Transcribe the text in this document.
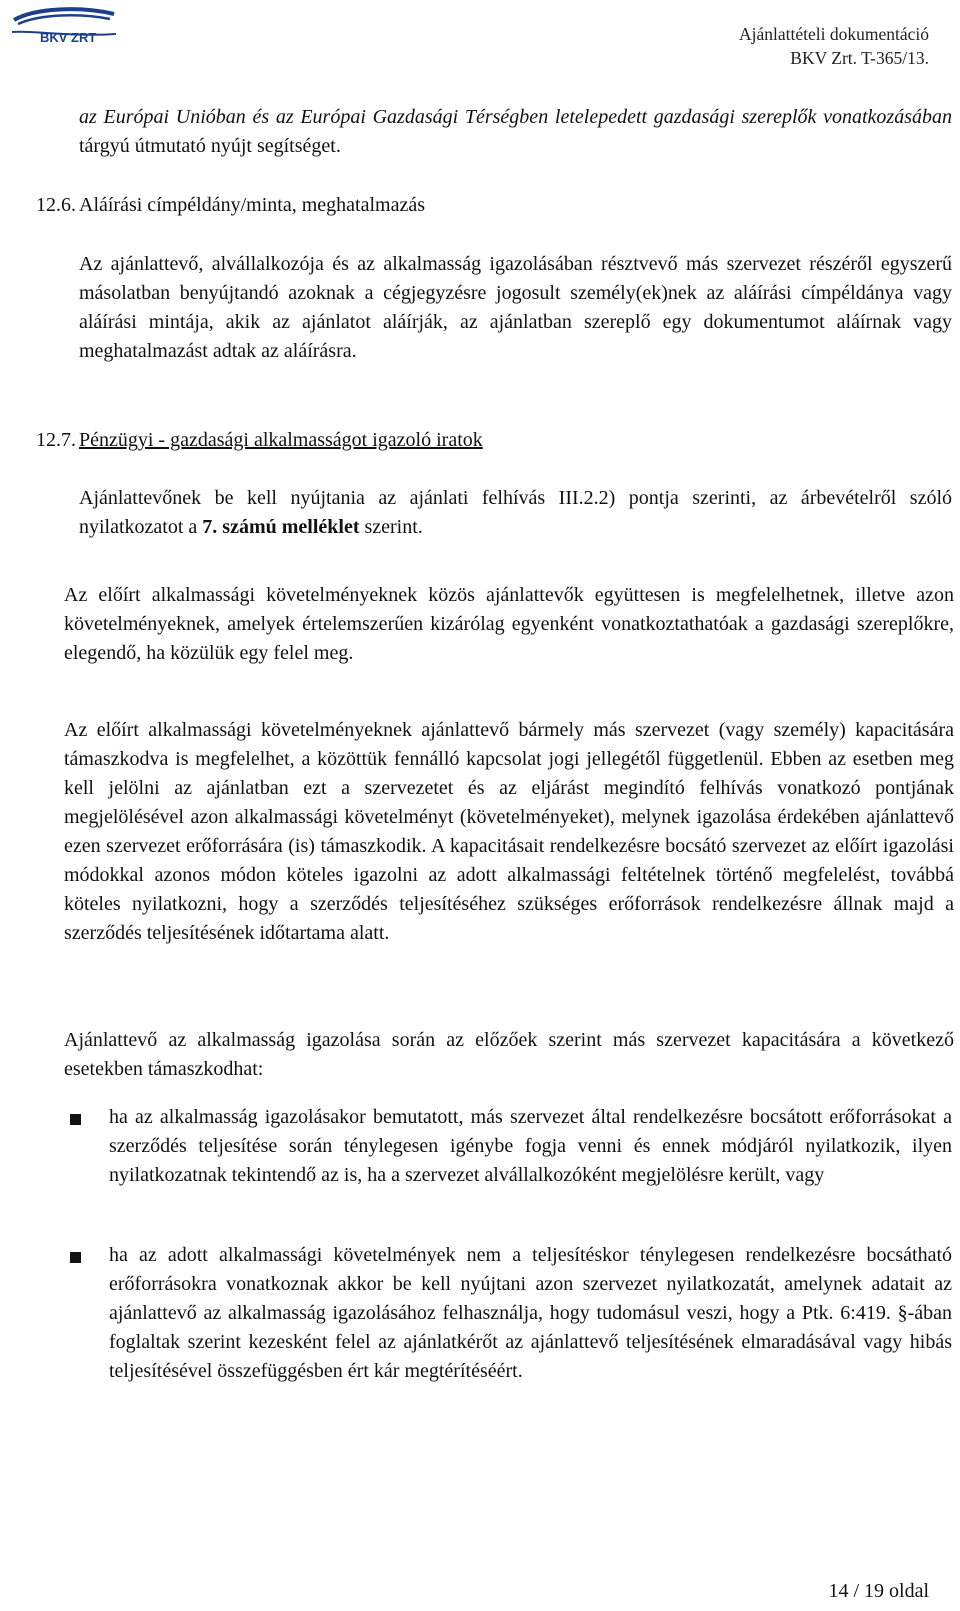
BKV ZRT	Ajánlattételi dokumentáció
BKV Zrt. T-365/13.
az Európai Unióban és az Európai Gazdasági Térségben letelepedett gazdasági szereplők vonatkozásában tárgyú útmutató nyújt segítséget.
12.6. Aláírási címpéldány/minta, meghatalmazás
Az ajánlattevő, alvállalkozója és az alkalmasság igazolásában résztvevő más szervezet részéről egyszerű másolatban benyújtandó azoknak a cégjegyzésre jogosult személy(ek)nek az aláírási címpéldánya vagy aláírási mintája, akik az ajánlatot aláírják, az ajánlatban szereplő egy dokumentumot aláírnak vagy meghatalmazást adtak az aláírásra.
12.7. Pénzügyi - gazdasági alkalmasságot igazoló iratok
Ajánlattevőnek be kell nyújtania az ajánlati felhívás III.2.2) pontja szerinti, az árbevételről szóló nyilatkozatot a 7. számú melléklet szerint.
Az előírt alkalmassági követelményeknek közös ajánlattevők együttesen is megfelelhetnek, illetve azon követelményeknek, amelyek értelemszerűen kizárólag egyenként vonatkoztathatóak a gazdasági szereplőkre, elegendő, ha közülük egy felel meg.
Az előírt alkalmassági követelményeknek ajánlattevő bármely más szervezet (vagy személy) kapacitására támaszkodva is megfelelhet, a közöttük fennálló kapcsolat jogi jellegétől függetlenül. Ebben az esetben meg kell jelölni az ajánlatban ezt a szervezetet és az eljárást megindító felhívás vonatkozó pontjának megjelölésével azon alkalmassági követelményt (követelményeket), melynek igazolása érdekében ajánlattevő ezen szervezet erőforrására (is) támaszkodik. A kapacitásait rendelkezésre bocsátó szervezet az előírt igazolási módokkal azonos módon köteles igazolni az adott alkalmassági feltételnek történő megfelelést, továbbá köteles nyilatkozni, hogy a szerződés teljesítéséhez szükséges erőforrások rendelkezésre állnak majd a szerződés teljesítésének időtartama alatt.
Ajánlattevő az alkalmasság igazolása során az előzőek szerint más szervezet kapacitására a következő esetekben támaszkodhat:
ha az alkalmasság igazolásakor bemutatott, más szervezet által rendelkezésre bocsátott erőforrásokat a szerződés teljesítése során ténylegesen igénybe fogja venni és ennek módjáról nyilatkozik, ilyen nyilatkozatnak tekintendő az is, ha a szervezet alvállalkozóként megjelölésre került, vagy
ha az adott alkalmassági követelmények nem a teljesítéskor ténylegesen rendelkezésre bocsátható erőforrásokra vonatkoznak akkor be kell nyújtani azon szervezet nyilatkozatát, amelynek adatait az ajánlattevő az alkalmasság igazolásához felhasználja, hogy tudomásul veszi, hogy a Ptk. 6:419. §-ában foglaltak szerint kezesként felel az ajánlatkérőt az ajánlattevő teljesítésének elmaradásával vagy hibás teljesítésével összefüggésben ért kár megtérítéséért.
14 / 19 oldal
